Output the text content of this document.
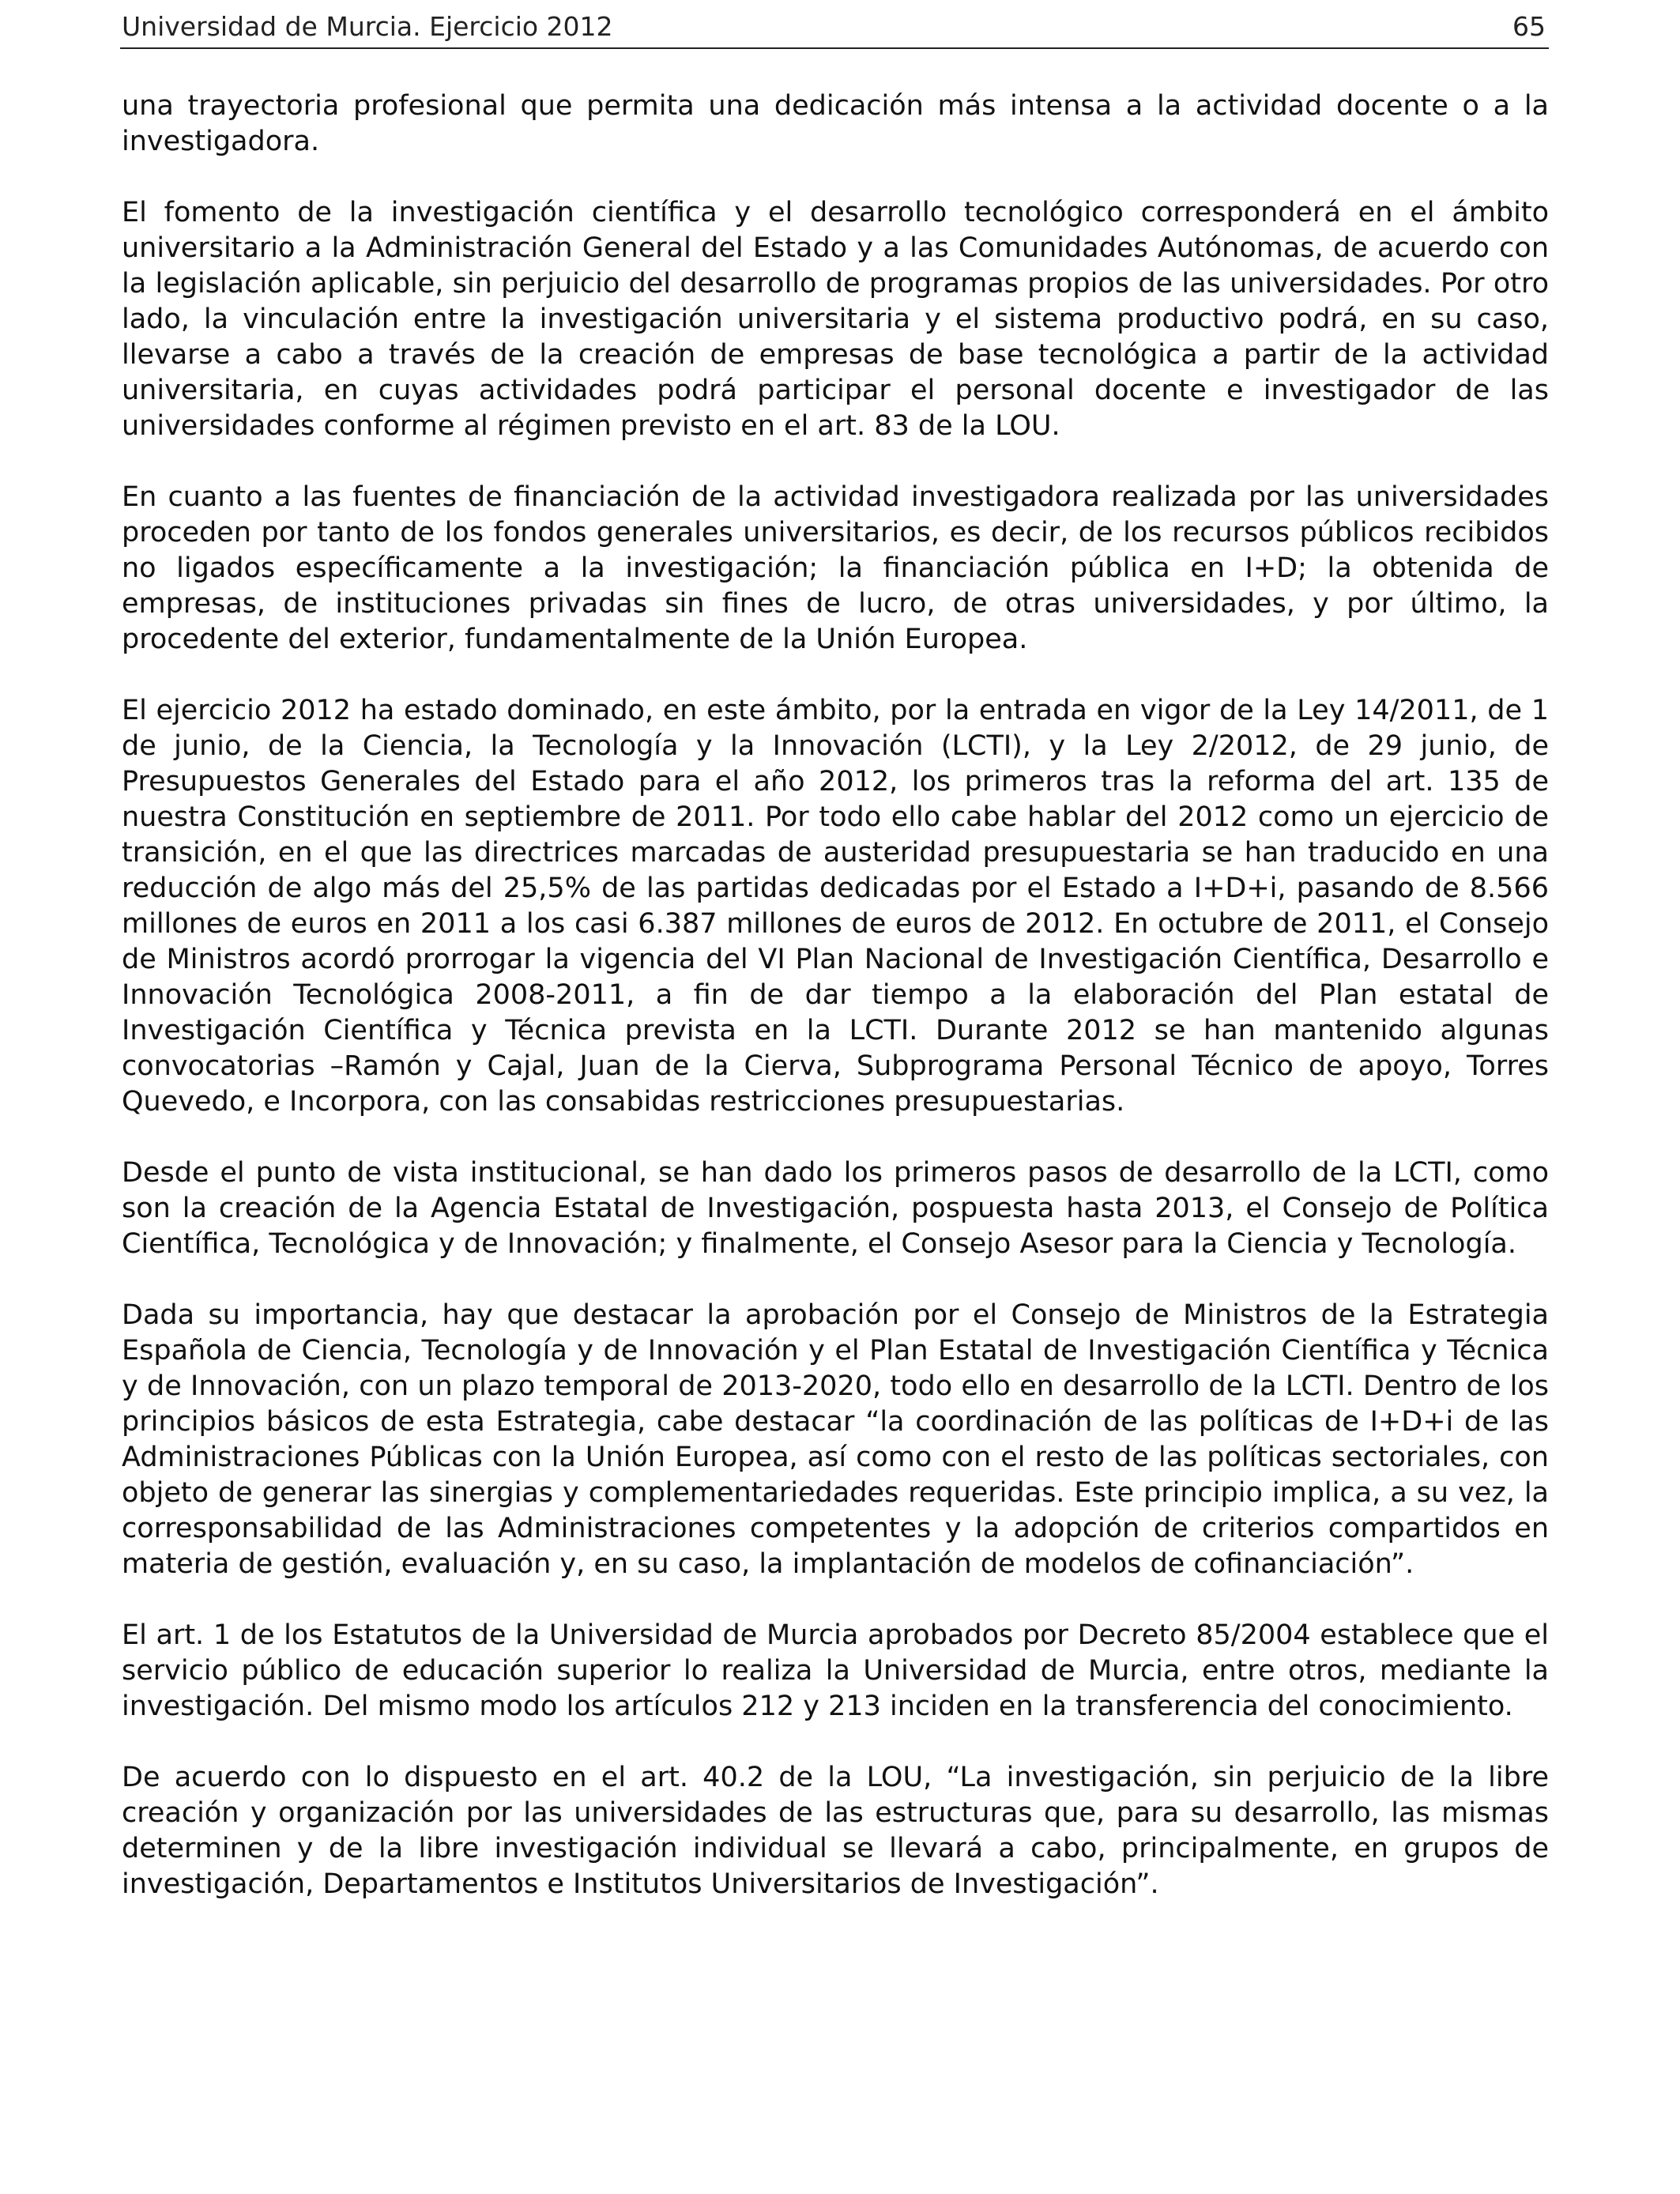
Universidad de Murcia. Ejercicio 2012	65

una trayectoria profesional que permita una dedicación más intensa a la actividad docente o a la investigadora.

El fomento de la investigación científica y el desarrollo tecnológico corresponderá en el ámbito universitario a la Administración General del Estado y a las Comunidades Autónomas, de acuerdo con la legislación aplicable, sin perjuicio del desarrollo de programas propios de las universidades. Por otro lado, la vinculación entre la investigación universitaria y el sistema productivo podrá, en su caso, llevarse a cabo a través de la creación de empresas de base tecnológica a partir de la actividad universitaria, en cuyas actividades podrá participar el personal docente e investigador de las universidades conforme al régimen previsto en el art. 83 de la LOU.

En cuanto a las fuentes de financiación de la actividad investigadora realizada por las universidades proceden por tanto de los fondos generales universitarios, es decir, de los recursos públicos recibidos no ligados específicamente a la investigación; la financiación pública en I+D; la obtenida de empresas, de instituciones privadas sin fines de lucro, de otras universidades, y por último, la procedente del exterior, fundamentalmente de la Unión Europea.

El ejercicio 2012 ha estado dominado, en este ámbito, por la entrada en vigor de la Ley 14/2011, de 1 de junio, de la Ciencia, la Tecnología y la Innovación (LCTI), y la Ley 2/2012, de 29 junio, de Presupuestos Generales del Estado para el año 2012, los primeros tras la reforma del art. 135 de nuestra Constitución en septiembre de 2011. Por todo ello cabe hablar del 2012 como un ejercicio de transición, en el que las directrices marcadas de austeridad presupuestaria se han traducido en una reducción de algo más del 25,5% de las partidas dedicadas por el Estado a I+D+i, pasando de 8.566 millones de euros en 2011 a los casi 6.387 millones de euros de 2012. En octubre de 2011, el Consejo de Ministros acordó prorrogar la vigencia del VI Plan Nacional de Investigación Científica, Desarrollo e Innovación Tecnológica 2008-2011, a fin de dar tiempo a la elaboración del Plan estatal de Investigación Científica y Técnica prevista en la LCTI. Durante 2012 se han mantenido algunas convocatorias –Ramón y Cajal, Juan de la Cierva, Subprograma Personal Técnico de apoyo, Torres Quevedo, e Incorpora, con las consabidas restricciones presupuestarias.

Desde el punto de vista institucional, se han dado los primeros pasos de desarrollo de la LCTI, como son la creación de la Agencia Estatal de Investigación, pospuesta hasta 2013, el Consejo de Política Científica, Tecnológica y de Innovación; y finalmente, el Consejo Asesor para la Ciencia y Tecnología.

Dada su importancia, hay que destacar la aprobación por el Consejo de Ministros de la Estrategia Española de Ciencia, Tecnología y de Innovación y el Plan Estatal de Investigación Científica y Técnica y de Innovación, con un plazo temporal de 2013-2020, todo ello en desarrollo de la LCTI. Dentro de los principios básicos de esta Estrategia, cabe destacar “la coordinación de las políticas de I+D+i de las Administraciones Públicas con la Unión Europea, así como con el resto de las políticas sectoriales, con objeto de generar las sinergias y complementariedades requeridas. Este principio implica, a su vez, la corresponsabilidad de las Administraciones competentes y la adopción de criterios compartidos en materia de gestión, evaluación y, en su caso, la implantación de modelos de cofinanciación”.

El art. 1 de los Estatutos de la Universidad de Murcia aprobados por Decreto 85/2004 establece que el servicio público de educación superior lo realiza la Universidad de Murcia, entre otros, mediante la investigación. Del mismo modo los artículos 212 y 213 inciden en la transferencia del conocimiento.

De acuerdo con lo dispuesto en el art. 40.2 de la LOU, “La investigación, sin perjuicio de la libre creación y organización por las universidades de las estructuras que, para su desarrollo, las mismas determinen y de la libre investigación individual se llevará a cabo, principalmente, en grupos de investigación, Departamentos e Institutos Universitarios de Investigación”.
